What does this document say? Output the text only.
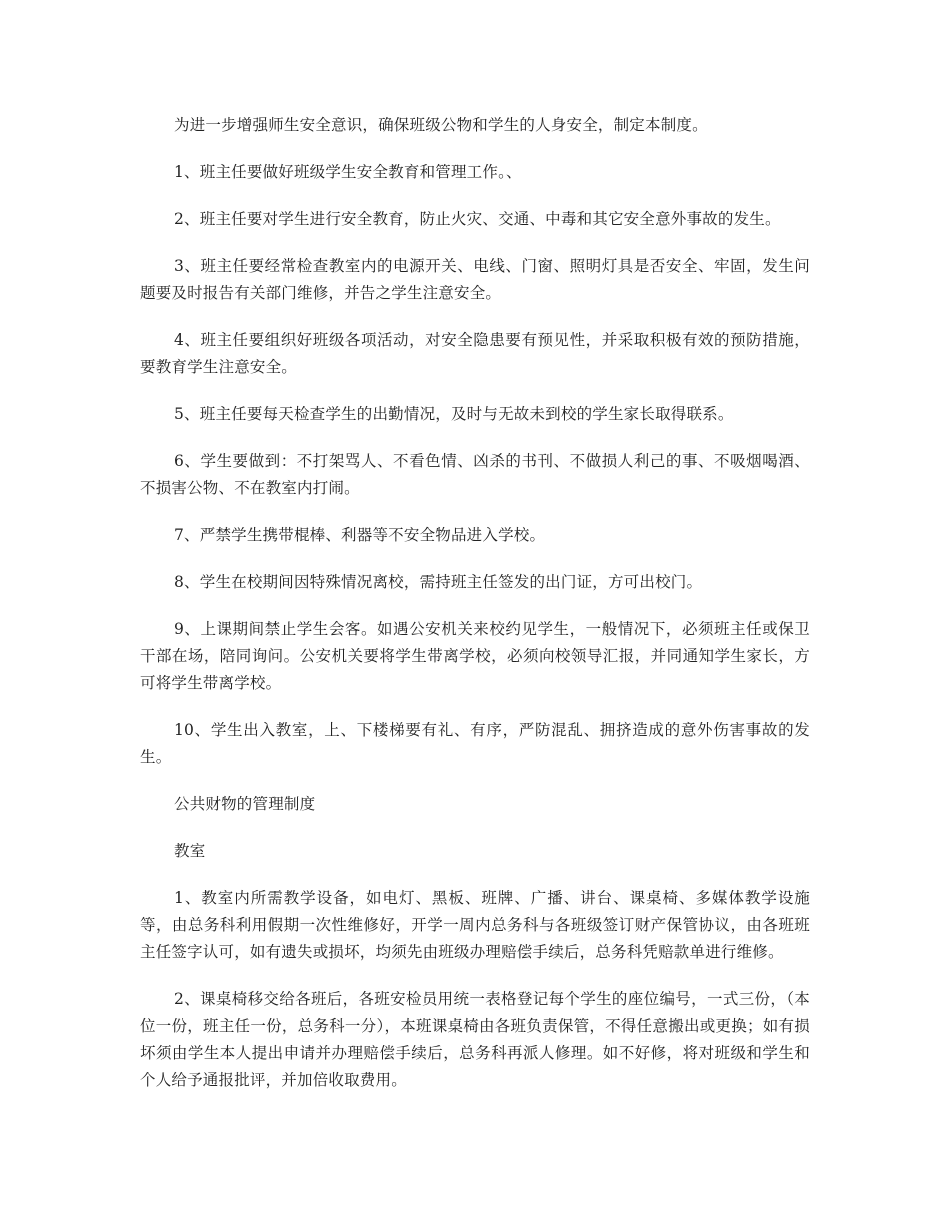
为进一步增强师生安全意识，确保班级公物和学生的人身安全，制定本制度。

1、班主任要做好班级学生安全教育和管理工作。、

2、班主任要对学生进行安全教育，防止火灾、交通、中毒和其它安全意外事故的发生。

3、班主任要经常检查教室内的电源开关、电线、门窗、照明灯具是否安全、牢固，发生问题要及时报告有关部门维修，并告之学生注意安全。

4、班主任要组织好班级各项活动，对安全隐患要有预见性，并采取积极有效的预防措施，要教育学生注意安全。

5、班主任要每天检查学生的出勤情况，及时与无故未到校的学生家长取得联系。

6、学生要做到：不打架骂人、不看色情、凶杀的书刊、不做损人利己的事、不吸烟喝酒、不损害公物、不在教室内打闹。

7、严禁学生携带棍棒、利器等不安全物品进入学校。

8、学生在校期间因特殊情况离校，需持班主任签发的出门证，方可出校门。

9、上课期间禁止学生会客。如遇公安机关来校约见学生，一般情况下，必须班主任或保卫干部在场，陪同询问。公安机关要将学生带离学校，必须向校领导汇报，并同通知学生家长，方可将学生带离学校。

10、学生出入教室，上、下楼梯要有礼、有序，严防混乱、拥挤造成的意外伤害事故的发生。

公共财物的管理制度

教室

1、教室内所需教学设备，如电灯、黑板、班牌、广播、讲台、课桌椅、多媒体教学设施等，由总务科利用假期一次性维修好，开学一周内总务科与各班级签订财产保管协议，由各班班主任签字认可，如有遗失或损坏，均须先由班级办理赔偿手续后，总务科凭赔款单进行维修。

2、课桌椅移交给各班后，各班安检员用统一表格登记每个学生的座位编号，一式三份，（本位一份，班主任一份，总务科一分），本班课桌椅由各班负责保管，不得任意搬出或更换；如有损坏须由学生本人提出申请并办理赔偿手续后，总务科再派人修理。如不好修，将对班级和学生和个人给予通报批评，并加倍收取费用。
